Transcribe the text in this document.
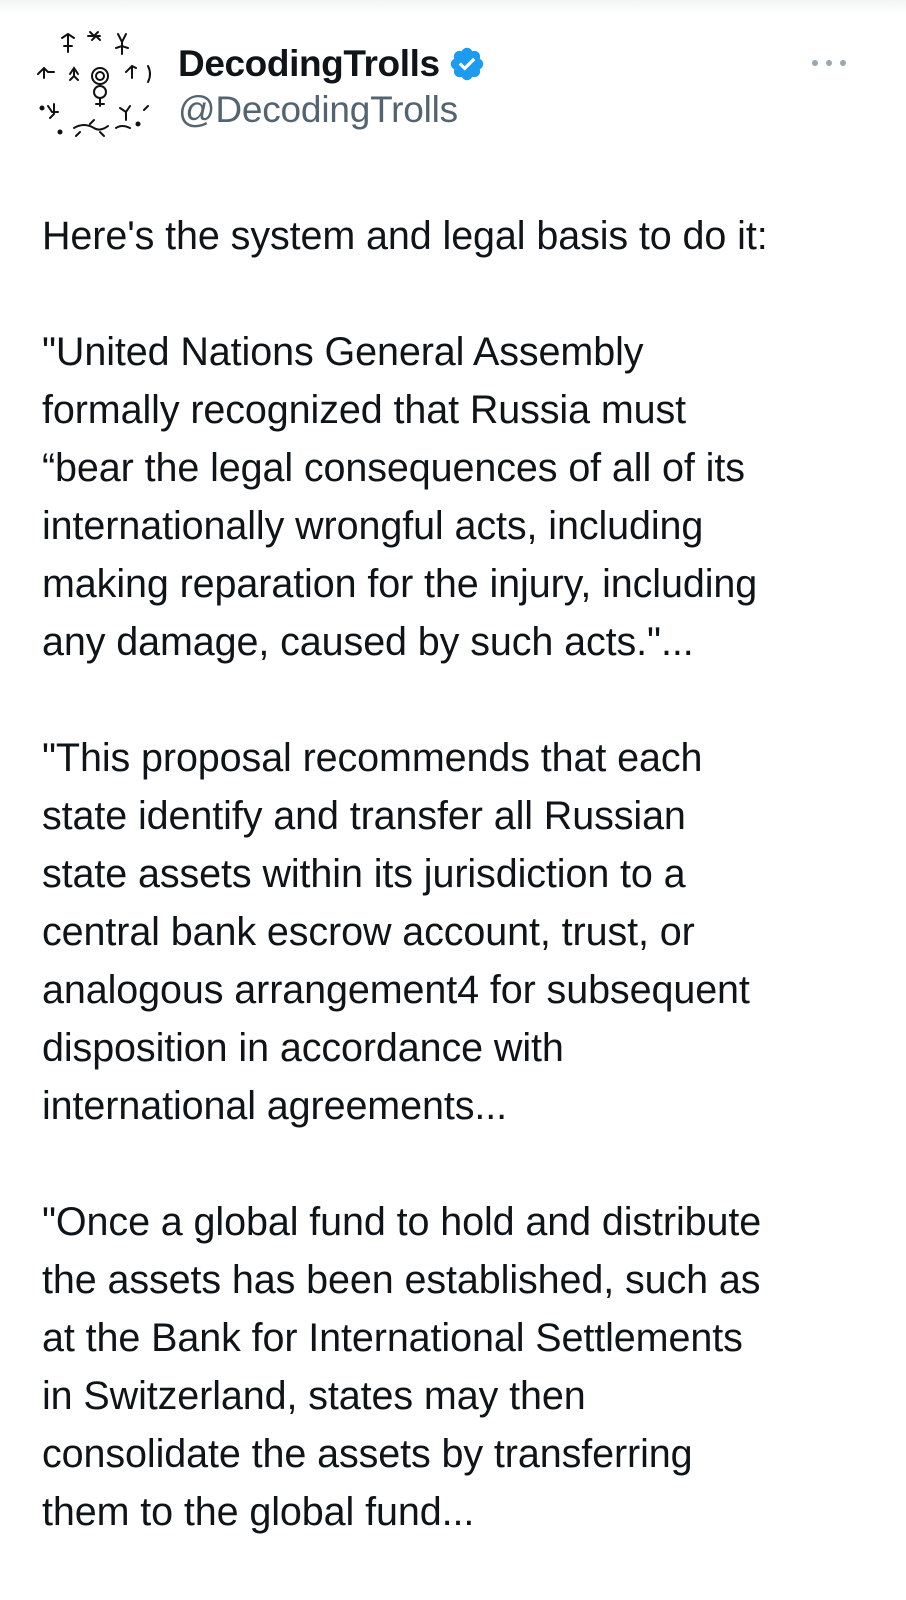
DecodingTrolls
@DecodingTrolls

Here's the system and legal basis to do it:

"United Nations General Assembly
formally recognized that Russia must
“bear the legal consequences of all of its
internationally wrongful acts, including
making reparation for the injury, including
any damage, caused by such acts."...

"This proposal recommends that each
state identify and transfer all Russian
state assets within its jurisdiction to a
central bank escrow account, trust, or
analogous arrangement4 for subsequent
disposition in accordance with
international agreements...

"Once a global fund to hold and distribute
the assets has been established, such as
at the Bank for International Settlements
in Switzerland, states may then
consolidate the assets by transferring
them to the global fund...
